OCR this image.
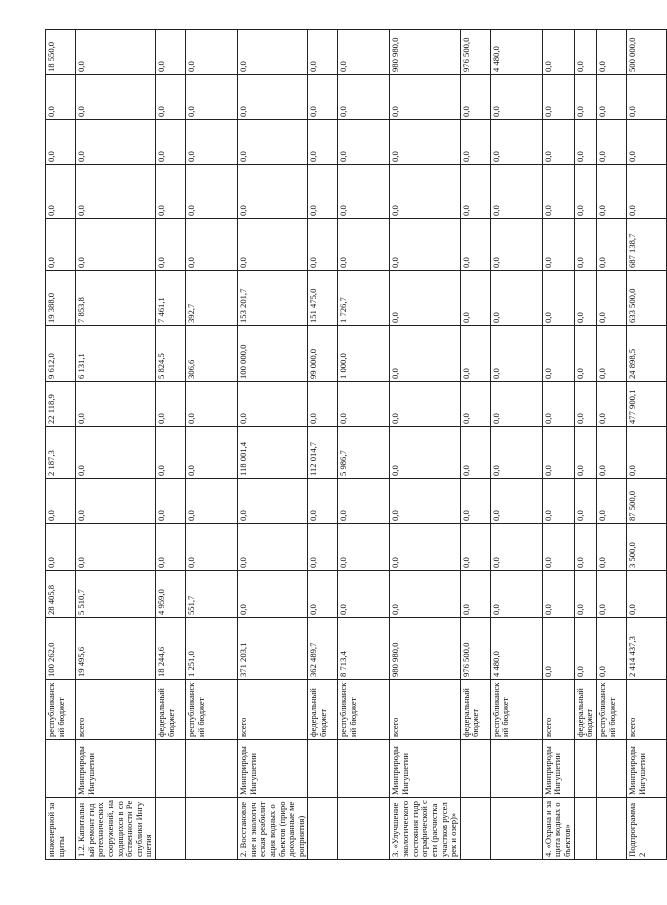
инженерной защиты		республиканский бюджет	100 262,0	28 405,8	0,0	0,0	2 187,3	22 118,9	9 612,0	19 388,0	0,0	0,0	0,0	0,0	18 550,0
1.2. Капитальный ремонт гидротехнических сооружений, находящихся в собственности Республики Ингушетия	Минприроды Ингушетии	всего	19 495,6	5 510,7	0,0	0,0	0,0	0,0	6 131,1	7 853,8	0,0	0,0	0,0	0,0	0,0
		федеральный бюджет	18 244,6	4 959,0	0,0	0,0	0,0	0,0	5 824,5	7 461,1	0,0	0,0	0,0	0,0	0,0
		республиканский бюджет	1 251,0	551,7	0,0	0,0	0,0	0,0	306,6	392,7	0,0	0,0	0,0	0,0	0,0
2. Восстановление и экологическая реабилитация водных объектов (природоохранные мероприятия)	Минприроды Ингушетии	всего	371 203,1	0,0	0,0	0,0	118 001,4	0,0	100 000,0	153 201,7	0,0	0,0	0,0	0,0	0,0
		федеральный бюджет	362 489,7	0,0	0,0	0,0	112 014,7	0,0	99 000,0	151 475,0	0,0	0,0	0,0	0,0	0,0
		республиканский бюджет	8 713,4	0,0	0,0	0,0	5 986,7	0,0	1 000,0	1 726,7	0,0	0,0	0,0	0,0	0,0
3. «Улучшение экологического состояния гидрографической сети (расчистка участков русел рек и озер)»	Минприроды Ингушетии	всего	980 980,0	0,0	0,0	0,0	0,0	0,0	0,0	0,0	0,0	0,0	0,0	0,0	980 980,0
		федеральный бюджет	976 500,0	0,0	0,0	0,0	0,0	0,0	0,0	0,0	0,0	0,0	0,0	0,0	976 500,0
		республиканский бюджет	4 480,0	0,0	0,0	0,0	0,0	0,0	0,0	0,0	0,0	0,0	0,0	0,0	4 480,0
4. «Охрана и защита водных объектов»	Минприроды Ингушетии	всего	0,0	0,0	0,0	0,0	0,0	0,0	0,0	0,0	0,0	0,0	0,0	0,0	0,0
		федеральный бюджет	0,0	0,0	0,0	0,0	0,0	0,0	0,0	0,0	0,0	0,0	0,0	0,0	0,0
		республиканский бюджет	0,0	0,0	0,0	0,0	0,0	0,0	0,0	0,0	0,0	0,0	0,0	0,0	0,0
Подпрограмма 2	Минприроды Ингушетии	всего	2 414 437,3	0,0	3 500,0	87 500,0	0,0	477 900,1	24 898,5	633 500,0	687 138,7	0,0	0,0	0,0	500 000,0
